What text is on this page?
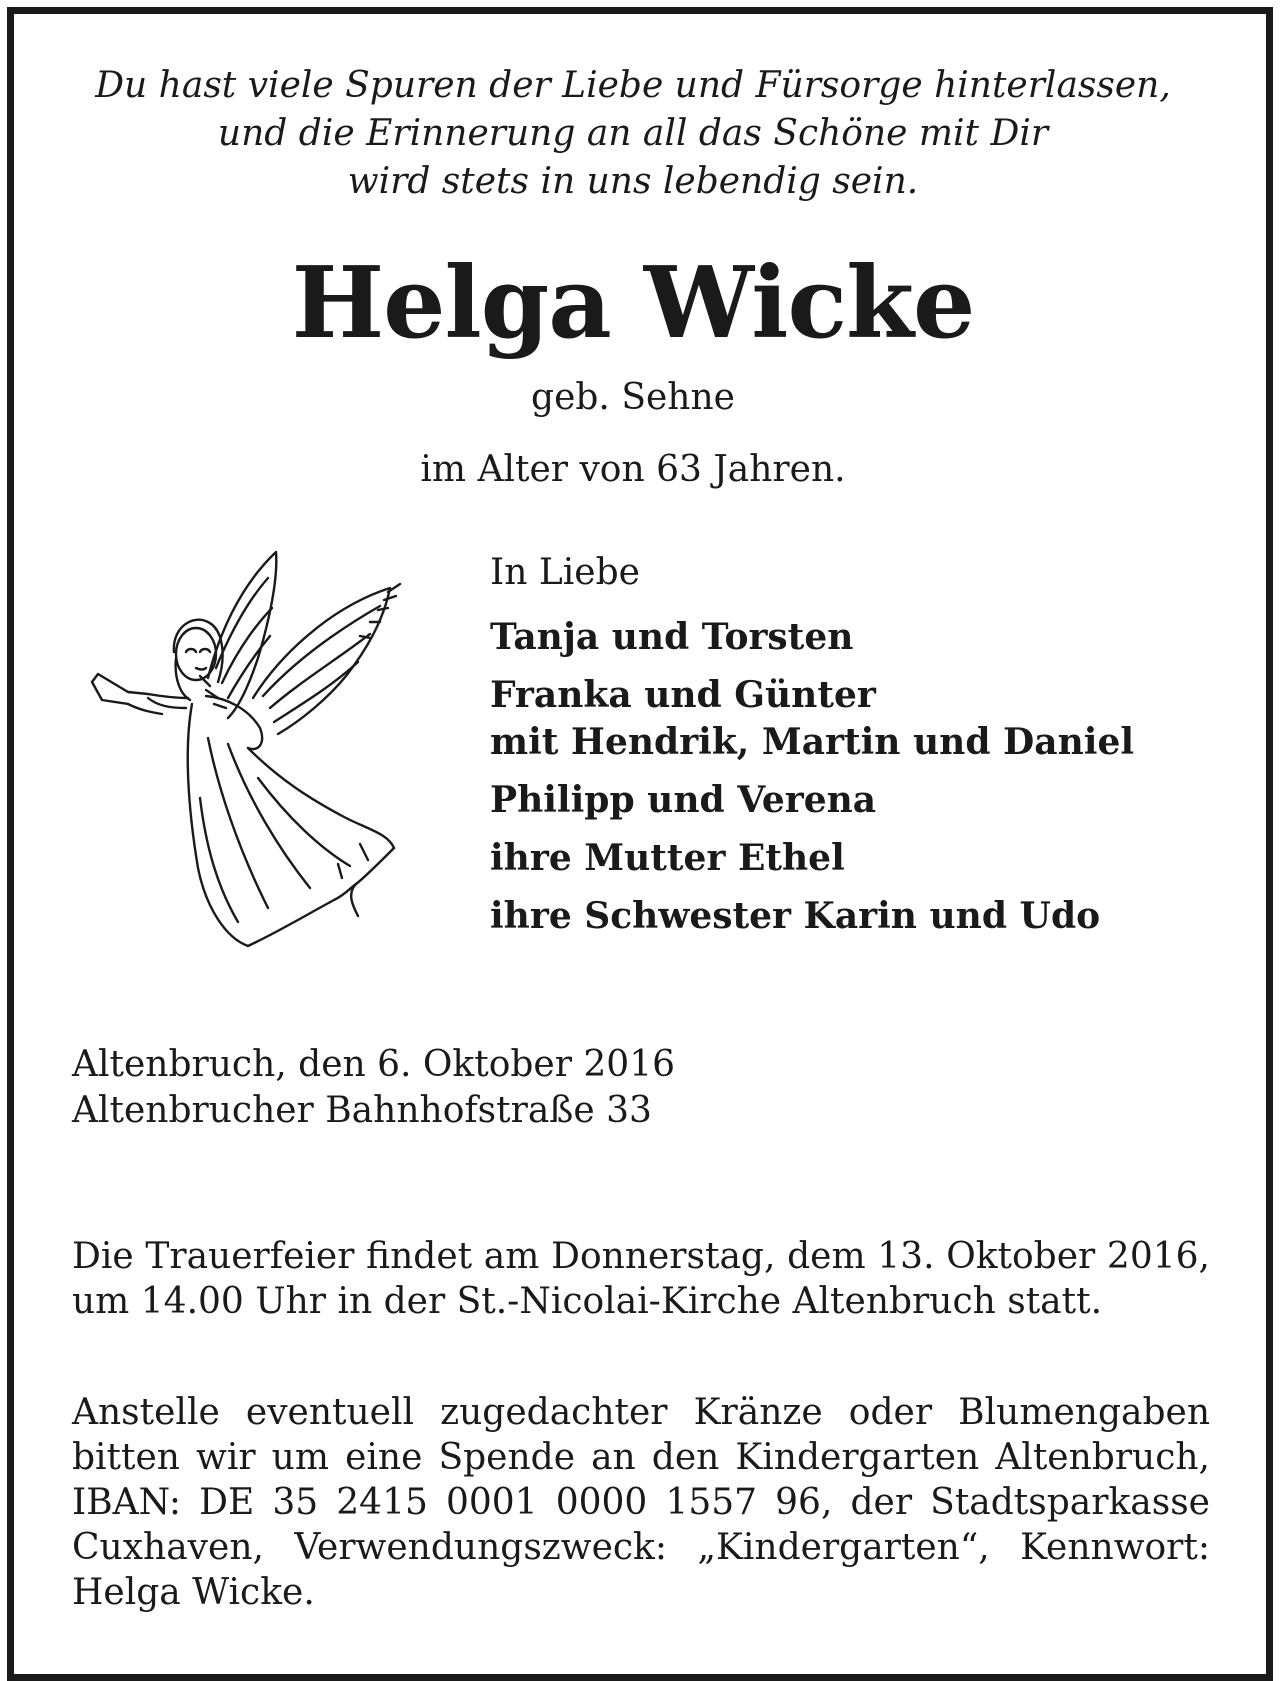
Du hast viele Spuren der Liebe und Fürsorge hinterlassen,
und die Erinnerung an all das Schöne mit Dir
wird stets in uns lebendig sein.
Helga Wicke
geb. Sehne
im Alter von 63 Jahren.
In Liebe
Tanja und Torsten
Franka und Günter
mit Hendrik, Martin und Daniel
Philipp und Verena
ihre Mutter Ethel
ihre Schwester Karin und Udo
Altenbruch, den 6. Oktober 2016
Altenbrucher Bahnhofstraße 33
Die Trauerfeier findet am Donnerstag, dem 13. Oktober 2016, um 14.00 Uhr in der St.-Nicolai-Kirche Altenbruch statt.
Anstelle eventuell zugedachter Kränze oder Blumengaben bitten wir um eine Spende an den Kindergarten Altenbruch, IBAN: DE 35 2415 0001 0000 1557 96, der Stadtsparkasse Cuxhaven, Verwendungszweck: „Kindergarten“, Kennwort: Helga Wicke.
